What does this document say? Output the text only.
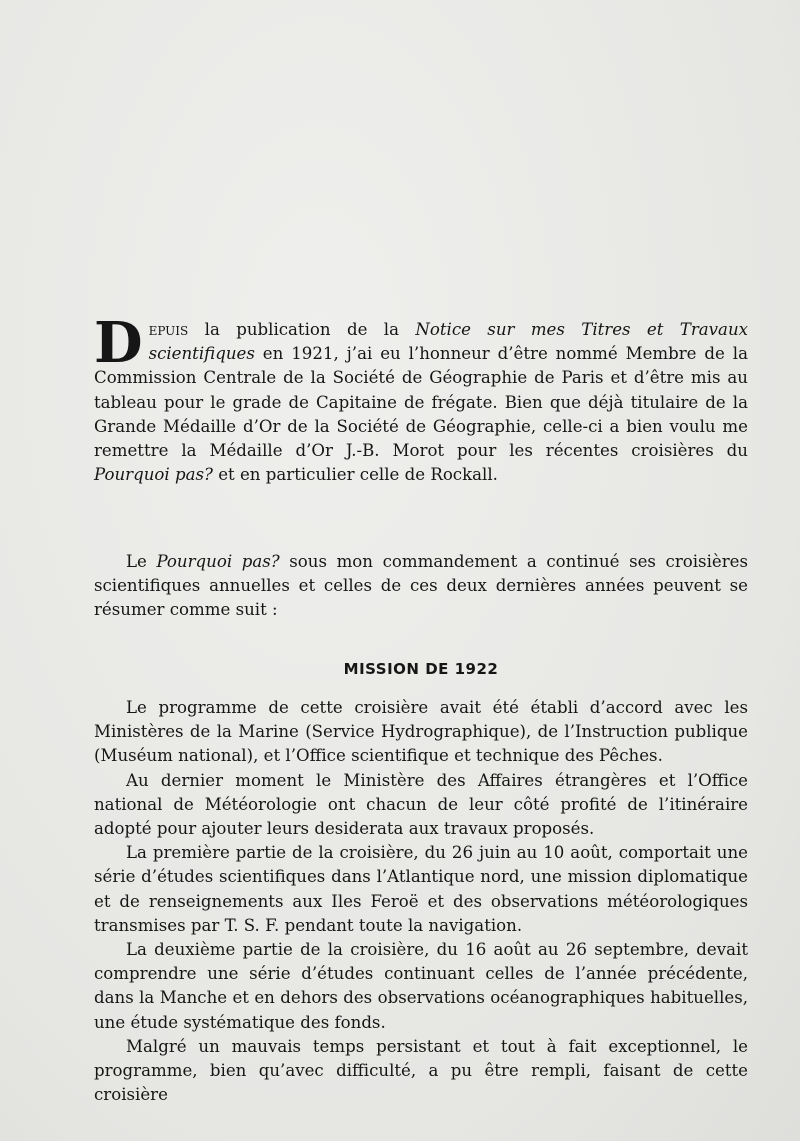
Depuis la publication de la Notice sur mes Titres et Travaux scientifiques en 1921, j’ai eu l’honneur d’être nommé Membre de la Commission Centrale de la Société de Géographie de Paris et d’être mis au tableau pour le grade de Capitaine de frégate. Bien que déjà titulaire de la Grande Médaille d’Or de la Société de Géographie, celle-ci a bien voulu me remettre la Médaille d’Or J.-B. Morot pour les récentes croisières du Pourquoi pas? et en particulier celle de Rockall.

Le Pourquoi pas? sous mon commandement a continué ses croisières scientifiques annuelles et celles de ces deux dernières années peuvent se résumer comme suit :

MISSION DE 1922

Le programme de cette croisière avait été établi d’accord avec les Ministères de la Marine (Service Hydrographique), de l’Instruction publique (Muséum national), et l’Office scientifique et technique des Pêches.

Au dernier moment le Ministère des Affaires étrangères et l’Office national de Météorologie ont chacun de leur côté profité de l’itinéraire adopté pour ajouter leurs desiderata aux travaux proposés.

La première partie de la croisière, du 26 juin au 10 août, comportait une série d’études scientifiques dans l’Atlantique nord, une mission diplomatique et de renseignements aux Iles Feroë et des observations météorologiques transmises par T. S. F. pendant toute la navigation.

La deuxième partie de la croisière, du 16 août au 26 septembre, devait comprendre une série d’études continuant celles de l’année précédente, dans la Manche et en dehors des observations océanographiques habituelles, une étude systématique des fonds.

Malgré un mauvais temps persistant et tout à fait exceptionnel, le programme, bien qu’avec difficulté, a pu être rempli, faisant de cette croisière
